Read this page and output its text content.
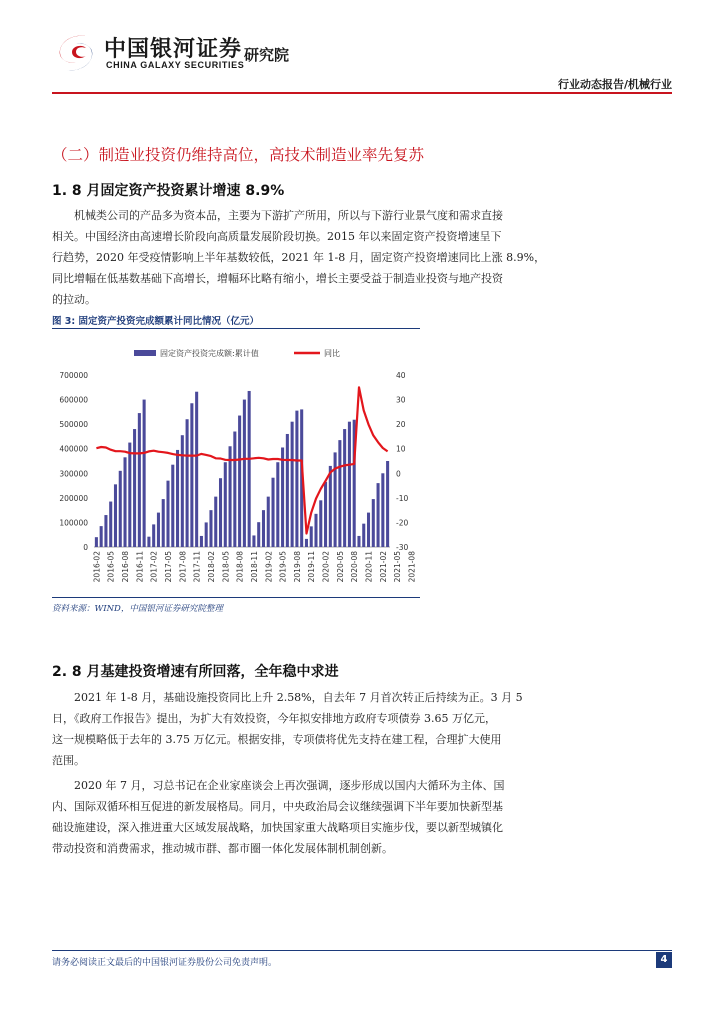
中国银河证券
CHINA GALAXY SECURITIES
研究院
行业动态报告/机械行业
（二）制造业投资仍维持高位，高技术制造业率先复苏
1. 8 月固定资产投资累计增速 8.9%
机械类公司的产品多为资本品，主要为下游扩产所用，所以与下游行业景气度和需求直接
相关。中国经济由高速增长阶段向高质量发展阶段切换。2015 年以来固定资产投资增速呈下
行趋势，2020 年受疫情影响上半年基数较低，2021 年 1-8 月，固定资产投资增速同比上涨 8.9%，
同比增幅在低基数基础下高增长，增幅环比略有缩小，增长主要受益于制造业投资与地产投资
的拉动。
图 3: 固定资产投资完成额累计同比情况（亿元）
固定资产投资完成额:累计值	同比
0
100000
200000
300000
400000
500000
600000
700000
-30
-20
-10
0
10
20
30
40
2016-02 2016-05 2016-08 2016-11 2017-02 2017-05 2017-08 2017-11 2018-02 2018-05 2018-08 2018-11 2019-02 2019-05 2019-08 2019-11 2020-02 2020-05 2020-08 2020-11 2021-02 2021-05 2021-08
资料来源：WIND，中国银河证券研究院整理
2. 8 月基建投资增速有所回落，全年稳中求进
2021 年 1-8 月，基础设施投资同比上升 2.58%，自去年 7 月首次转正后持续为正。3 月 5
日，《政府工作报告》提出，为扩大有效投资，今年拟安排地方政府专项债券 3.65 万亿元，
这一规模略低于去年的 3.75 万亿元。根据安排，专项债将优先支持在建工程，合理扩大使用
范围。
2020 年 7 月，习总书记在企业家座谈会上再次强调，逐步形成以国内大循环为主体、国
内、国际双循环相互促进的新发展格局。同月，中央政治局会议继续强调下半年要加快新型基
础设施建设，深入推进重大区域发展战略，加快国家重大战略项目实施步伐，要以新型城镇化
带动投资和消费需求，推动城市群、都市圈一体化发展体制机制创新。
请务必阅读正文最后的中国银河证券股份公司免责声明。	4
